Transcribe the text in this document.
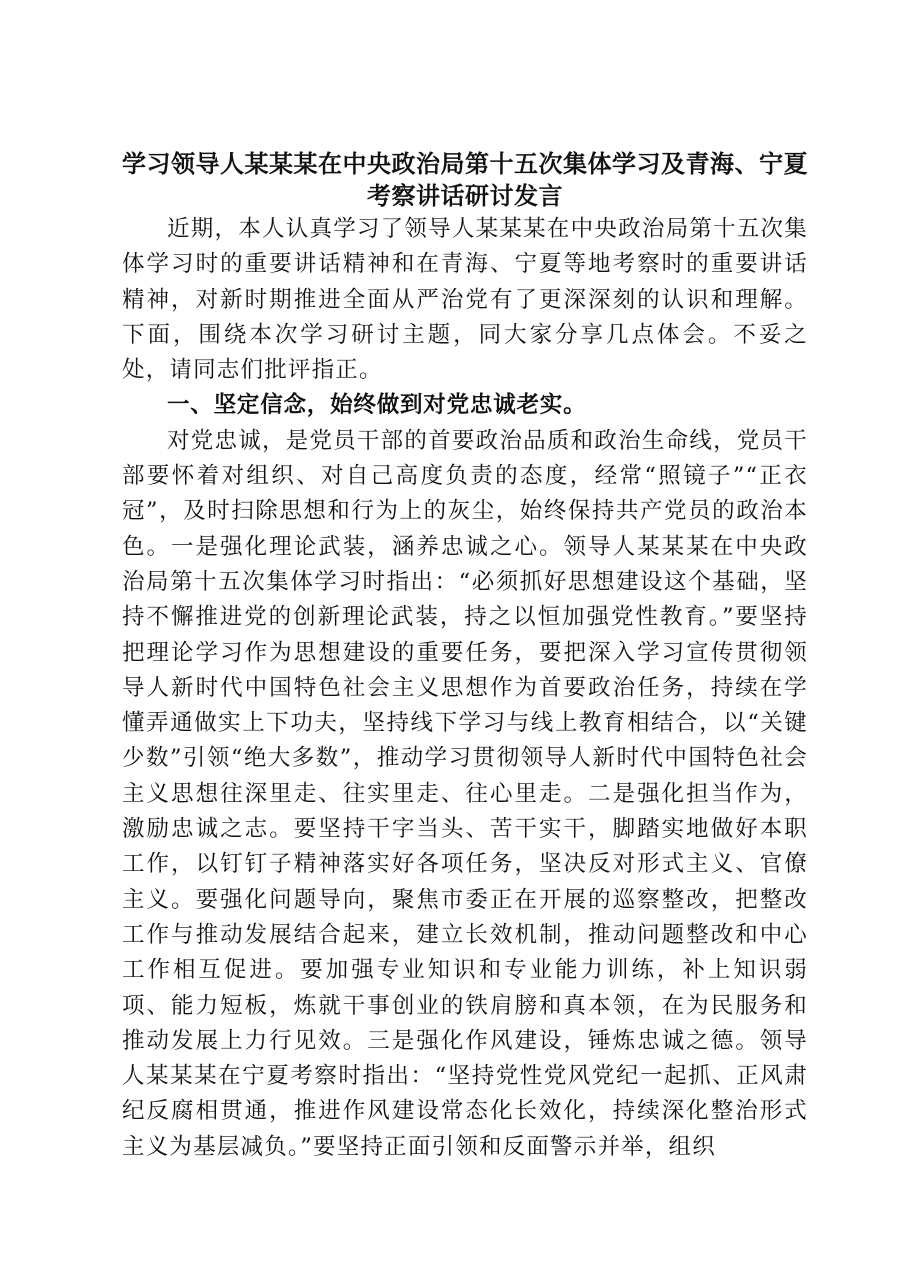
学习领导人某某某在中央政治局第十五次集体学习及青海、宁夏考察讲话研讨发言

近期，本人认真学习了领导人某某某在中央政治局第十五次集体学习时的重要讲话精神和在青海、宁夏等地考察时的重要讲话精神，对新时期推进全面从严治党有了更深深刻的认识和理解。下面，围绕本次学习研讨主题，同大家分享几点体会。不妥之处，请同志们批评指正。

一、坚定信念，始终做到对党忠诚老实。

对党忠诚，是党员干部的首要政治品质和政治生命线，党员干部要怀着对组织、对自己高度负责的态度，经常“照镜子”“正衣冠”，及时扫除思想和行为上的灰尘，始终保持共产党员的政治本色。一是强化理论武装，涵养忠诚之心。领导人某某某在中央政治局第十五次集体学习时指出：“必须抓好思想建设这个基础，坚持不懈推进党的创新理论武装，持之以恒加强党性教育。”要坚持把理论学习作为思想建设的重要任务，要把深入学习宣传贯彻领导人新时代中国特色社会主义思想作为首要政治任务，持续在学懂弄通做实上下功夫，坚持线下学习与线上教育相结合，以“关键少数”引领“绝大多数”，推动学习贯彻领导人新时代中国特色社会主义思想往深里走、往实里走、往心里走。二是强化担当作为，激励忠诚之志。要坚持干字当头、苦干实干，脚踏实地做好本职工作，以钉钉子精神落实好各项任务，坚决反对形式主义、官僚主义。要强化问题导向，聚焦市委正在开展的巡察整改，把整改工作与推动发展结合起来，建立长效机制，推动问题整改和中心工作相互促进。要加强专业知识和专业能力训练，补上知识弱项、能力短板，炼就干事创业的铁肩膀和真本领，在为民服务和推动发展上力行见效。三是强化作风建设，锤炼忠诚之德。领导人某某某在宁夏考察时指出：“坚持党性党风党纪一起抓、正风肃纪反腐相贯通，推进作风建设常态化长效化，持续深化整治形式主义为基层减负。”要坚持正面引领和反面警示并举，组织
